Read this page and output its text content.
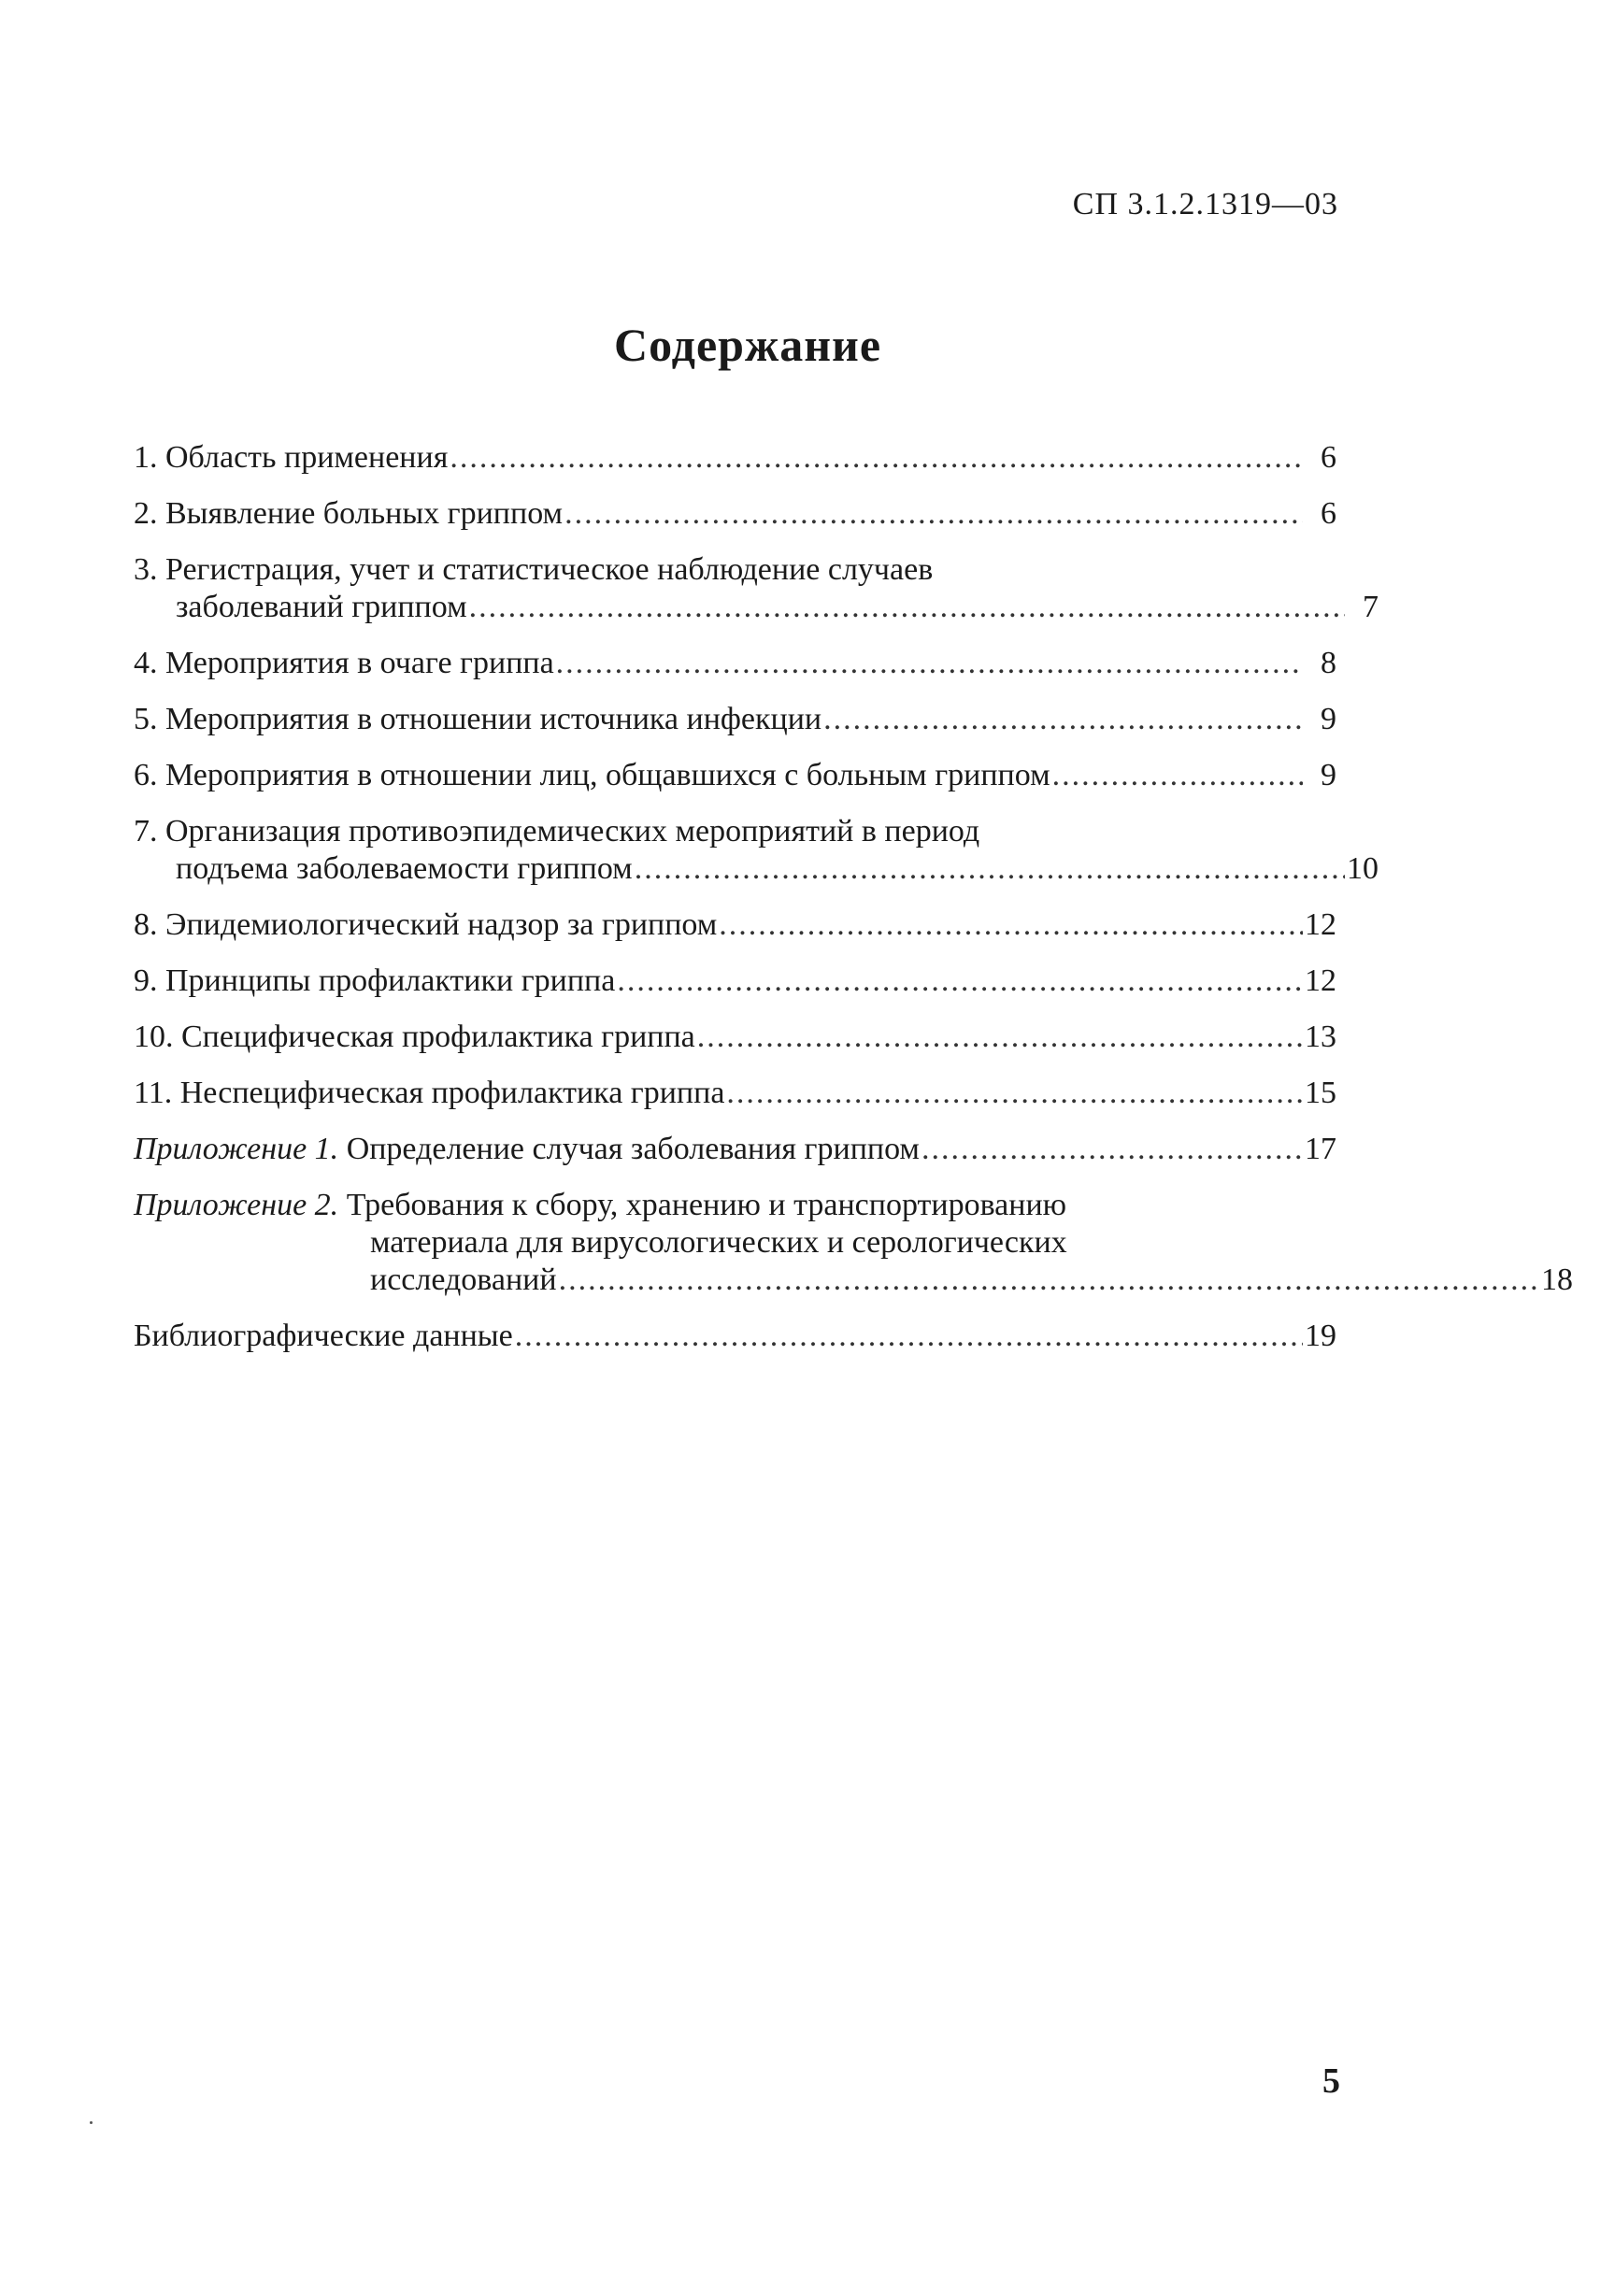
СП 3.1.2.1319—03
Содержание
1. Область применения .....	6
2. Выявление больных гриппом .....	6
3. Регистрация, учет и статистическое наблюдение случаев
заболеваний гриппом .....	7
4. Мероприятия в очаге гриппа .....	8
5. Мероприятия в отношении источника инфекции .....	9
6. Мероприятия в отношении лиц, общавшихся с больным гриппом .....	9
7. Организация противоэпидемических мероприятий в период
подъема заболеваемости гриппом .....	10
8. Эпидемиологический надзор за гриппом .....	12
9. Принципы профилактики гриппа .....	12
10. Специфическая профилактика гриппа .....	13
11. Неспецифическая профилактика гриппа .....	15
Приложение 1. Определение случая заболевания гриппом .....	17
Приложение 2. Требования к сбору, хранению и транспортированию
материала для вирусологических и серологических
исследований .....	18
Библиографические данные .....	19
5
